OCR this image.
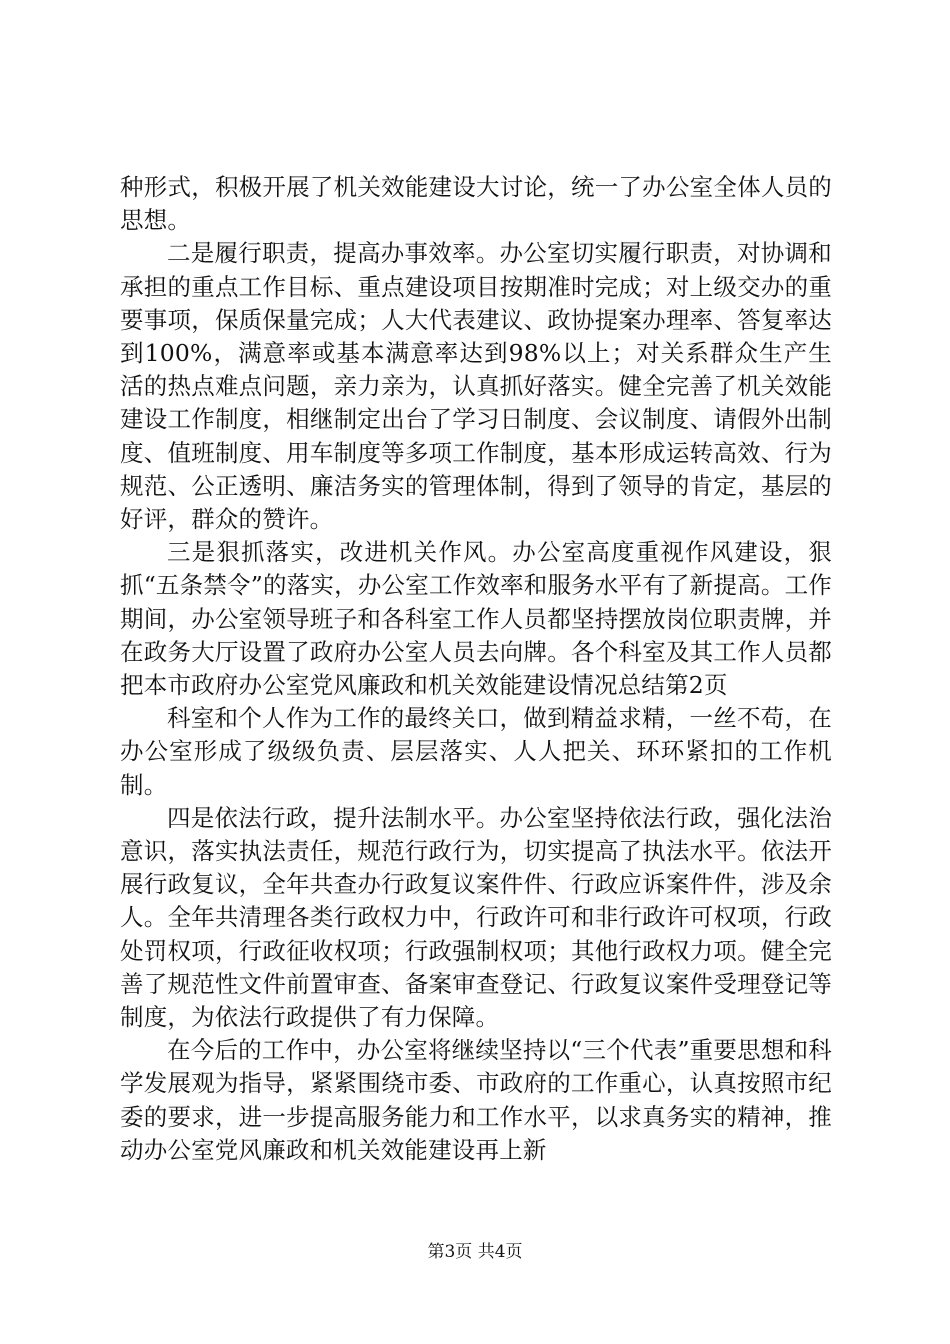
种形式，积极开展了机关效能建设大讨论，统一了办公室全体人员的思想。

二是履行职责，提高办事效率。办公室切实履行职责，对协调和承担的重点工作目标、重点建设项目按期准时完成；对上级交办的重要事项，保质保量完成；人大代表建议、政协提案办理率、答复率达到100%，满意率或基本满意率达到98%以上；对关系群众生产生活的热点难点问题，亲力亲为，认真抓好落实。健全完善了机关效能建设工作制度，相继制定出台了学习日制度、会议制度、请假外出制度、值班制度、用车制度等多项工作制度，基本形成运转高效、行为规范、公正透明、廉洁务实的管理体制，得到了领导的肯定，基层的好评，群众的赞许。

三是狠抓落实，改进机关作风。办公室高度重视作风建设，狠抓“五条禁令”的落实，办公室工作效率和服务水平有了新提高。工作期间，办公室领导班子和各科室工作人员都坚持摆放岗位职责牌，并在政务大厅设置了政府办公室人员去向牌。各个科室及其工作人员都把本市政府办公室党风廉政和机关效能建设情况总结第2页

科室和个人作为工作的最终关口，做到精益求精，一丝不苟，在办公室形成了级级负责、层层落实、人人把关、环环紧扣的工作机制。

四是依法行政，提升法制水平。办公室坚持依法行政，强化法治意识，落实执法责任，规范行政行为，切实提高了执法水平。依法开展行政复议，全年共查办行政复议案件件、行政应诉案件件，涉及余人。全年共清理各类行政权力中，行政许可和非行政许可权项，行政处罚权项，行政征收权项；行政强制权项；其他行政权力项。健全完善了规范性文件前置审查、备案审查登记、行政复议案件受理登记等制度，为依法行政提供了有力保障。

在今后的工作中，办公室将继续坚持以“三个代表”重要思想和科学发展观为指导，紧紧围绕市委、市政府的工作重心，认真按照市纪委的要求，进一步提高服务能力和工作水平，以求真务实的精神，推动办公室党风廉政和机关效能建设再上新

第3页 共4页
